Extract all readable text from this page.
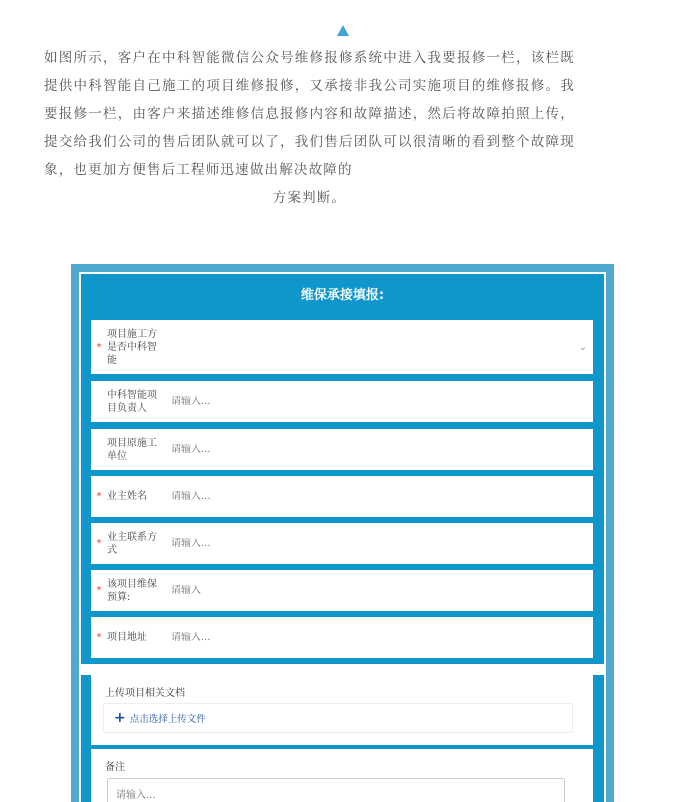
如图所示，客户在中科智能微信公众号维修报修系统中进入我要报修一栏，该栏既提供中科智能自己施工的项目维修报修，又承接非我公司实施项目的维修报修。我要报修一栏，由客户来描述维修信息报修内容和故障描述，然后将故障拍照上传，提交给我们公司的售后团队就可以了，我们售后团队可以很清晰的看到整个故障现象，也更加方便售后工程师迅速做出解决故障的
方案判断。
维保承接填报:
*
项目施工方是否中科智能
⌄
中科智能项目负责人
请输入...
项目原施工单位
请输入...
* 业主姓名
请输入...
*
业主联系方式
请输入...
*
该项目维保预算:
请输入
* 项目地址
请输入...
上传项目相关文档
+ 点击选择上传文件
备注
请输入...
